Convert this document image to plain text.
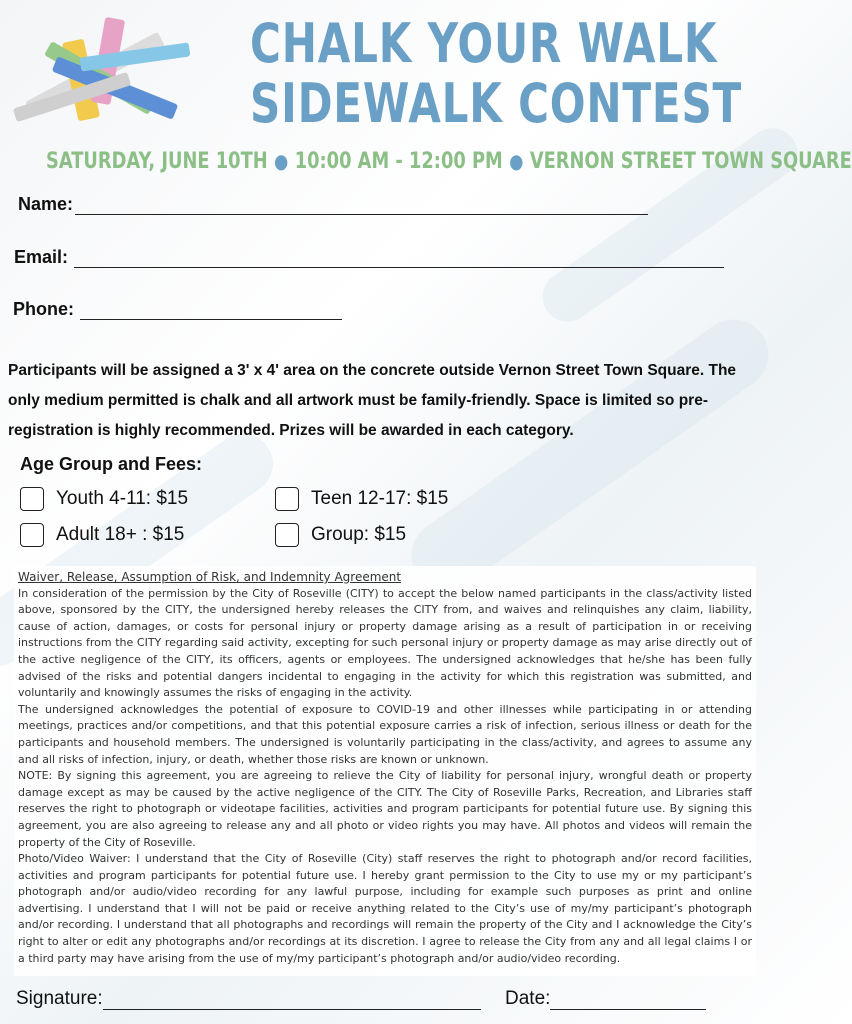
CHALK YOUR WALK
SIDEWALK CONTEST

SATURDAY, JUNE 10TH ● 10:00 AM - 12:00 PM ● VERNON STREET TOWN SQUARE

Name:
Email:
Phone:

Participants will be assigned a 3' x 4' area on the concrete outside Vernon Street Town Square. The only medium permitted is chalk and all artwork must be family-friendly. Space is limited so pre-registration is highly recommended. Prizes will be awarded in each category.

Age Group and Fees:
Youth 4-11: $15	Teen 12-17: $15
Adult 18+ : $15	Group: $15
Waiver, Release, Assumption of Risk, and Indemnity Agreement

In consideration of the permission by the City of Roseville (CITY) to accept the below named participants in the class/activity listed above, sponsored by the CITY, the undersigned hereby releases the CITY from, and waives and relinquishes any claim, liability, cause of action, damages, or costs for personal injury or property damage arising as a result of participation in or receiving instructions from the CITY regarding said activity, excepting for such personal injury or property damage as may arise directly out of the active negligence of the CITY, its officers, agents or employees. The undersigned acknowledges that he/she has been fully advised of the risks and potential dangers incidental to engaging in the activity for which this registration was submitted, and voluntarily and knowingly assumes the risks of engaging in the activity.

The undersigned acknowledges the potential of exposure to COVID-19 and other illnesses while participating in or attending meetings, practices and/or competitions, and that this potential exposure carries a risk of infection, serious illness or death for the participants and household members. The undersigned is voluntarily participating in the class/activity, and agrees to assume any and all risks of infection, injury, or death, whether those risks are known or unknown.

NOTE: By signing this agreement, you are agreeing to relieve the City of liability for personal injury, wrongful death or property damage except as may be caused by the active negligence of the CITY. The City of Roseville Parks, Recreation, and Libraries staff reserves the right to photograph or videotape facilities, activities and program participants for potential future use. By signing this agreement, you are also agreeing to release any and all photo or video rights you may have. All photos and videos will remain the property of the City of Roseville.

Photo/Video Waiver: I understand that the City of Roseville (City) staff reserves the right to photograph and/or record facilities, activities and program participants for potential future use. I hereby grant permission to the City to use my or my participant’s photograph and/or audio/video recording for any lawful purpose, including for example such purposes as print and online advertising. I understand that I will not be paid or receive anything related to the City’s use of my/my participant’s photograph and/or recording. I understand that all photographs and recordings will remain the property of the City and I acknowledge the City’s right to alter or edit any photographs and/or recordings at its discretion. I agree to release the City from any and all legal claims I or a third party may have arising from the use of my/my participant’s photograph and/or audio/video recording.

Signature:	Date:
